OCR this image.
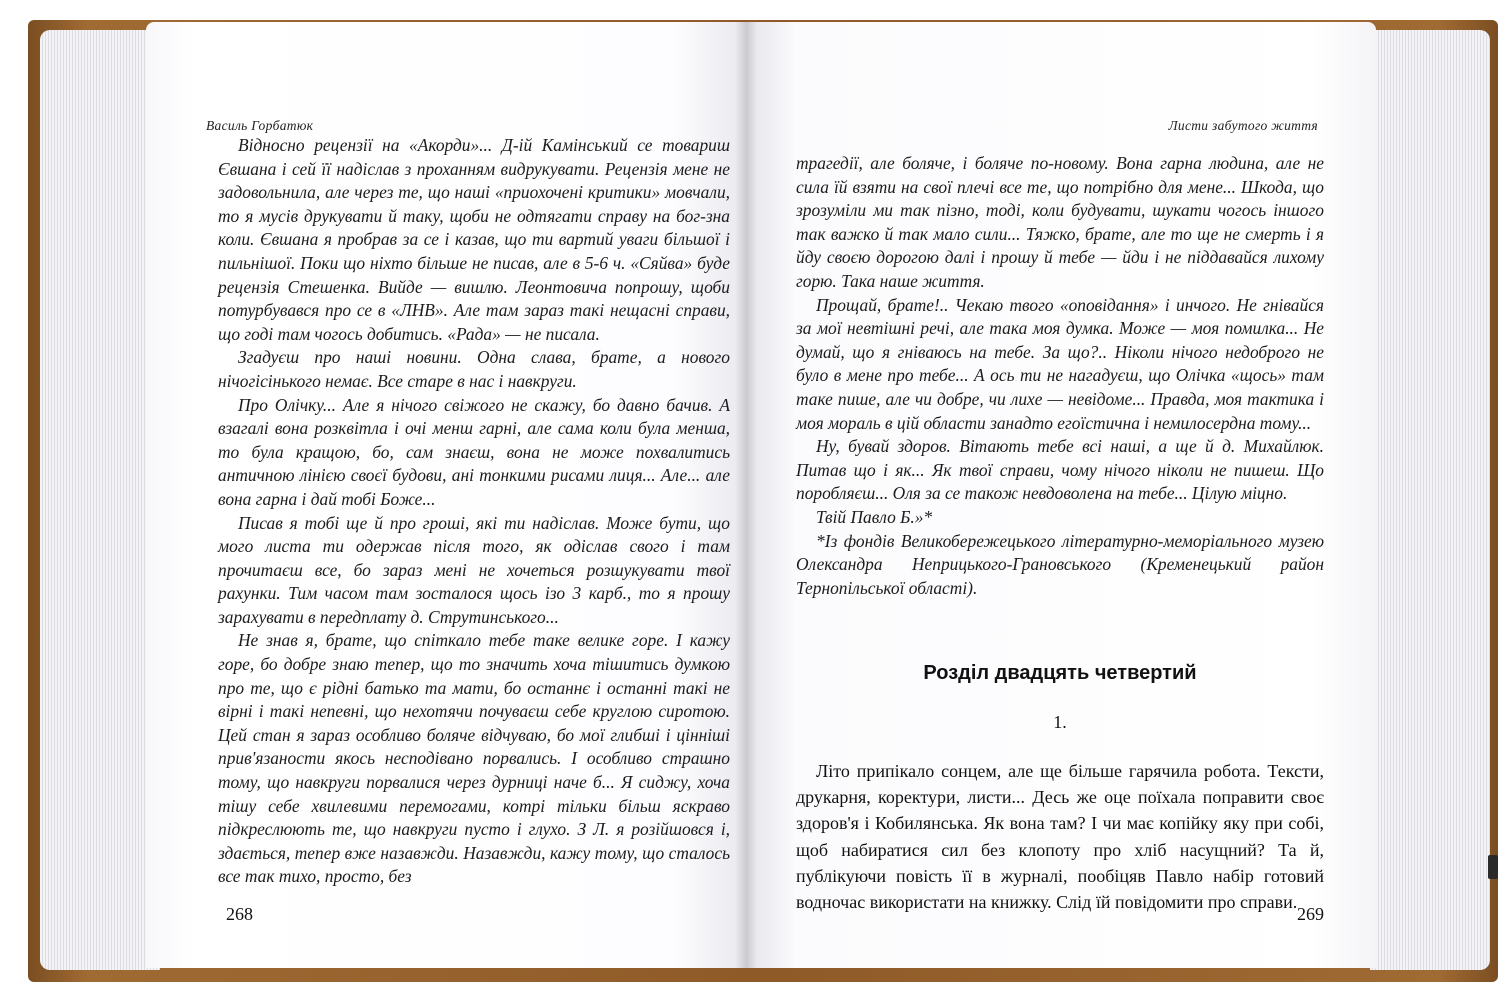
Василь Горбатюк

Відносно рецензії на «Акорди»... Д-ій Камінський се товариш Євшана і сей її надіслав з проханням видрукувати. Рецензія мене не задовольнила, але через те, що наші «приохочені критики» мовчали, то я мусів друкувати й таку, щоби не одтягати справу на бог-зна коли. Євшана я пробрав за се і казав, що ти вартий уваги більшої і пильнішої. Поки що ніхто більше не писав, але в 5-6 ч. «Сяйва» буде рецензія Стешенка. Вийде — вишлю. Леонтовича попрошу, щоби потурбувався про се в «ЛНВ». Але там зараз такі нещасні справи, що годі там чогось добитись. «Рада» — не писала.

Згадуєш про наші новини. Одна слава, брате, а нового нічогісінького немає. Все старе в нас і навкруги.

Про Олічку... Але я нічого свіжого не скажу, бо давно бачив. А взагалі вона розквітла і очі менш гарні, але сама коли була менша, то була кращою, бо, сам знаєш, вона не може похвалитись античною лінією своєї будови, ані тонкими рисами лиця... Але... але вона гарна і дай тобі Боже...

Писав я тобі ще й про гроші, які ти надіслав. Може бути, що мого листа ти одержав після того, як одіслав свого і там прочитаєш все, бо зараз мені не хочеться розшукувати твої рахунки. Тим часом там зосталося щось ізо 3 карб., то я прошу зарахувати в передплату д. Струтинського...

Не знав я, брате, що спіткало тебе таке велике горе. І кажу горе, бо добре знаю тепер, що то значить хоча тішитись думкою про те, що є рідні батько та мати, бо останнє і останні такі не вірні і такі непевні, що нехотячи почуваєш себе круглою сиротою. Цей стан я зараз особливо боляче відчуваю, бо мої глибші і цінніші прив'язаности якось несподівано порвались. І особливо страшно тому, що навкруги порвалися через дурниці наче б... Я сиджу, хоча тішу себе хвилевими перемогами, котрі тільки більш яскраво підкреслюють те, що навкруги пусто і глухо. З Л. я розійшовся і, здається, тепер вже назавжди. Назавжди, кажу тому, що сталось все так тихо, просто, без

268
Листи забутого життя

трагедії, але боляче, і боляче по-новому. Вона гарна людина, але не сила їй взяти на свої плечі все те, що потрібно для мене... Шкода, що зрозуміли ми так пізно, тоді, коли будувати, шукати чогось іншого так важко й так мало сили... Тяжко, брате, але то ще не смерть і я йду своєю дорогою далі і прошу й тебе — йди і не піддавайся лихому горю. Така наше життя.

Прощай, брате!.. Чекаю твого «оповідання» і инчого. Не гнівайся за мої невтішні речі, але така моя думка. Може — моя помилка... Не думай, що я гніваюсь на тебе. За що?.. Ніколи нічого недоброго не було в мене про тебе... А ось ти не нагадуєш, що Олічка «щось» там таке пише, але чи добре, чи лихе — невідоме... Правда, моя тактика і моя мораль в цій области занадто егоїстична і немилосердна тому...

Ну, бувай здоров. Вітають тебе всі наші, а ще й д. Михайлюк. Питав що і як... Як твої справи, чому нічого ніколи не пишеш. Що поробляєш... Оля за се також невдоволена на тебе... Цілую міцно.

Твій Павло Б.»*

*Із фондів Великобережецького літературно-меморіального музею Олександра Неприцького-Грановського (Кременецький район Тернопільської області).

Розділ двадцять четвертий
1.

Літо припікало сонцем, але ще більше гарячила робота. Тексти, друкарня, коректури, листи... Десь же оце поїхала поправити своє здоров'я і Кобилянська. Як вона там? І чи має копійку яку при собі, щоб набиратися сил без клопоту про хліб насущний? Та й, публікуючи повість її в журналі, пообіцяв Павло набір готовий водночас використати на книжку. Слід їй повідомити про справи.

269
